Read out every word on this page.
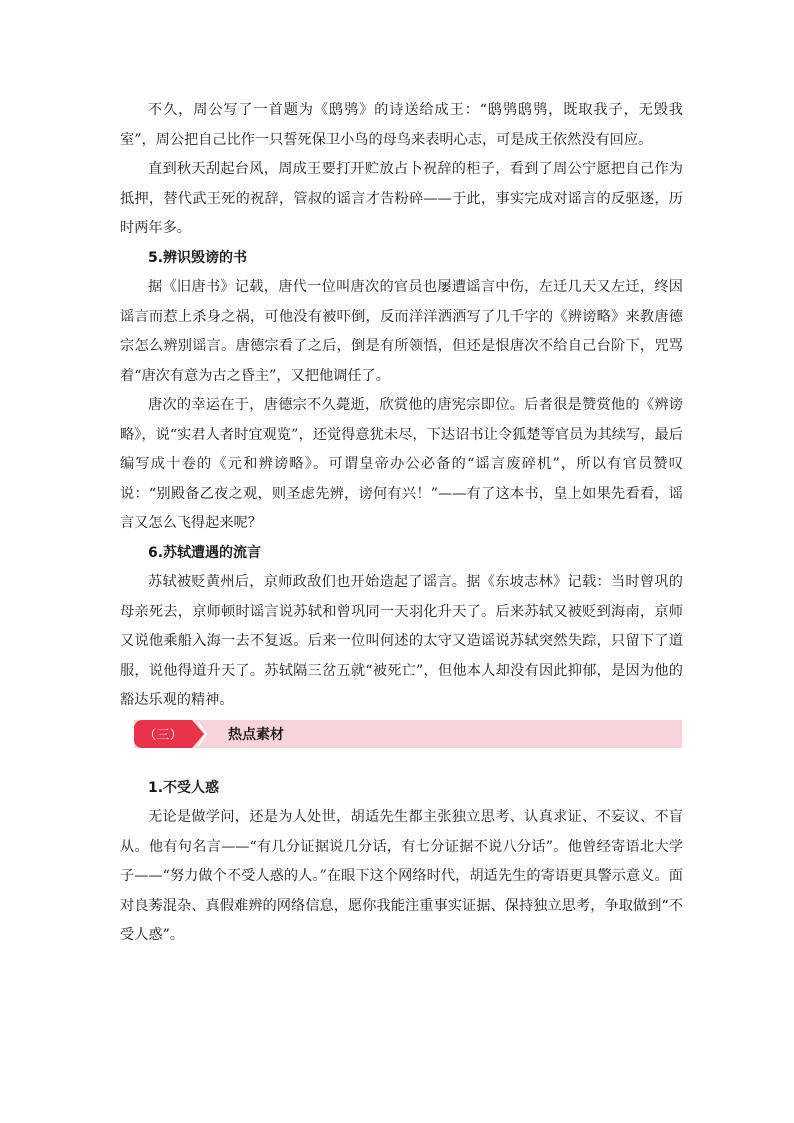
不久，周公写了一首题为《鸱鸮》的诗送给成王：“鸱鸮鸱鸮，既取我子，无毁我室”，周公把自己比作一只誓死保卫小鸟的母鸟来表明心志，可是成王依然没有回应。

直到秋天刮起台风，周成王要打开贮放占卜祝辞的柜子，看到了周公宁愿把自己作为抵押，替代武王死的祝辞，管叔的谣言才告粉碎——于此，事实完成对谣言的反驱逐，历时两年多。

5.辨识毁谤的书

据《旧唐书》记载，唐代一位叫唐次的官员也屡遭谣言中伤，左迁几天又左迁，终因谣言而惹上杀身之祸，可他没有被吓倒，反而洋洋洒洒写了几千字的《辨谤略》来教唐德宗怎么辨别谣言。唐德宗看了之后，倒是有所领悟，但还是恨唐次不给自己台阶下，咒骂着“唐次有意为古之昏主”，又把他调任了。

唐次的幸运在于，唐德宗不久薨逝，欣赏他的唐宪宗即位。后者很是赞赏他的《辨谤略》，说“实君人者时宜观览”，还觉得意犹未尽，下达诏书让令狐楚等官员为其续写，最后编写成十卷的《元和辨谤略》。可谓皇帝办公必备的“谣言废碎机”，所以有官员赞叹说：“别殿备乙夜之观，则圣虑先辨，谤何有兴！”——有了这本书，皇上如果先看看，谣言又怎么飞得起来呢？

6.苏轼遭遇的流言

苏轼被贬黄州后，京师政敌们也开始造起了谣言。据《东坡志林》记载：当时曾巩的母亲死去，京师顿时谣言说苏轼和曾巩同一天羽化升天了。后来苏轼又被贬到海南，京师又说他乘船入海一去不复返。后来一位叫何述的太守又造谣说苏轼突然失踪，只留下了道服，说他得道升天了。苏轼隔三岔五就“被死亡”，但他本人却没有因此抑郁，是因为他的豁达乐观的精神。

（三）	热点素材

1.不受人惑

无论是做学问，还是为人处世，胡适先生都主张独立思考、认真求证、不妄议、不盲从。他有句名言——“有几分证据说几分话，有七分证据不说八分话”。他曾经寄语北大学子——“努力做个不受人惑的人。”在眼下这个网络时代，胡适先生的寄语更具警示意义。面对良莠混杂、真假难辨的网络信息，愿你我能注重事实证据、保持独立思考，争取做到“不受人惑”。
